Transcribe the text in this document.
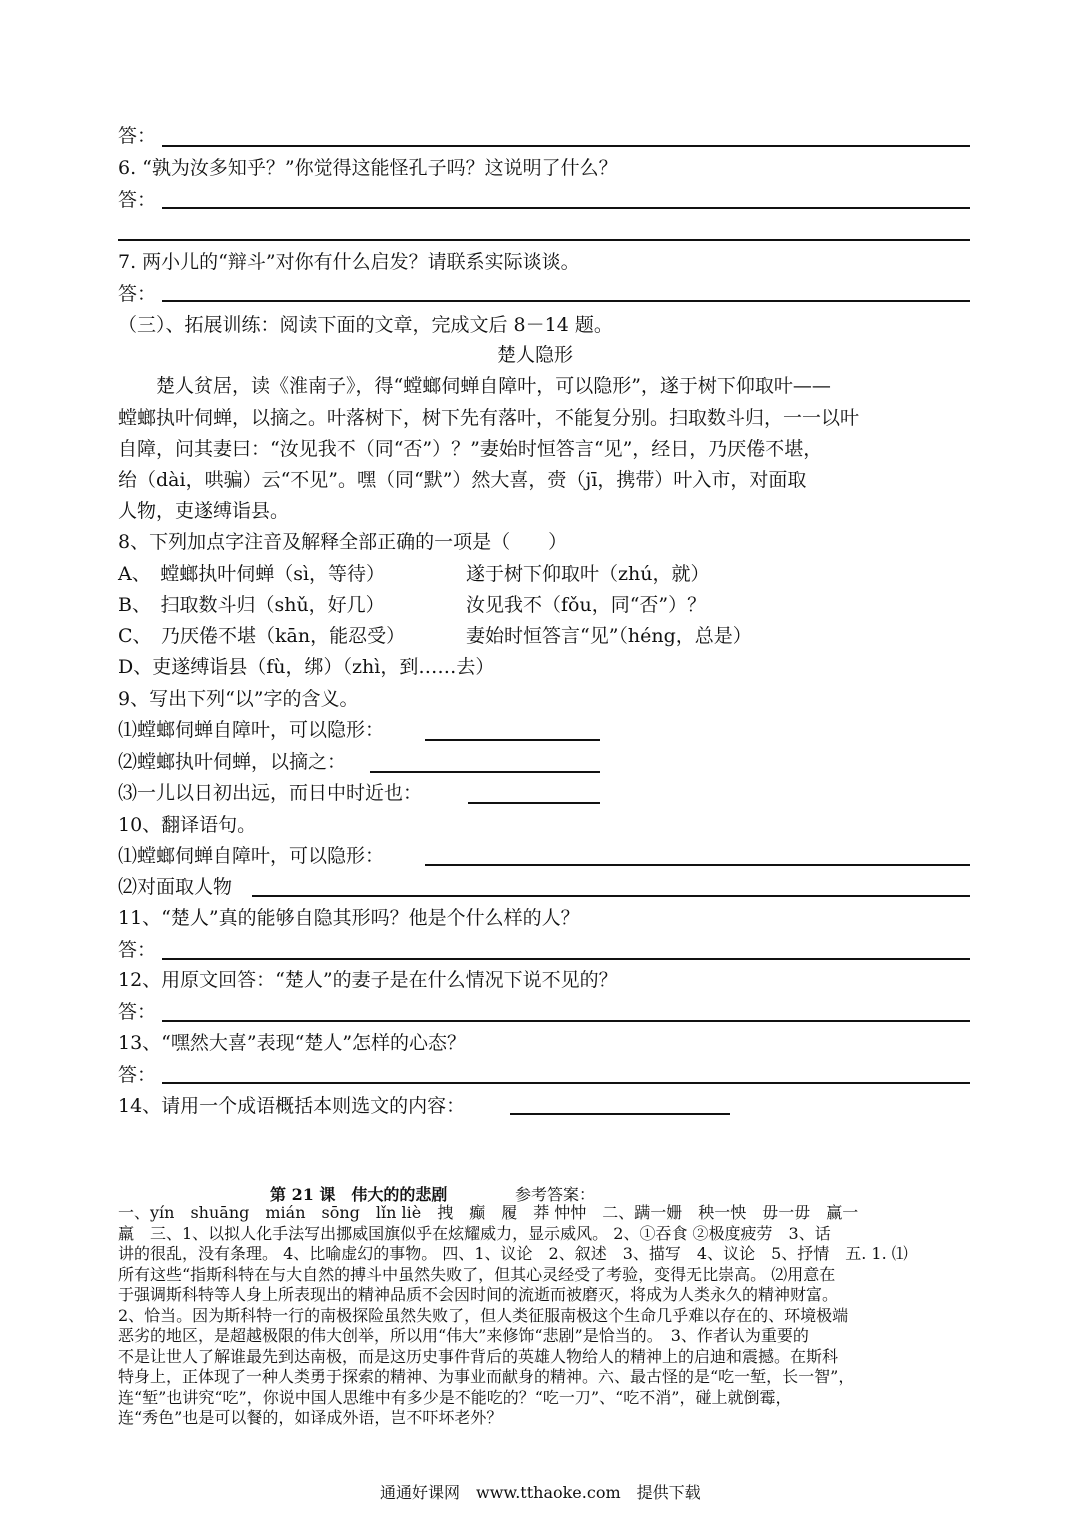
答：
6. “孰为汝多知乎？”你觉得这能怪孔子吗？这说明了什么？
答：
7. 两小儿的“辩斗”对你有什么启发？请联系实际谈谈。
答：
（三）、拓展训练：阅读下面的文章，完成文后 8－14 题。
楚人隐形
　　楚人贫居，读《淮南子》，得“螳螂伺蝉自障叶，可以隐形”，遂于树下仰取叶——
螳螂执叶伺蝉，以摘之。叶落树下，树下先有落叶，不能复分别。扫取数斗归，一一以叶
自障，问其妻曰：“汝见我不（同“否”）？”妻始时恒答言“见”，经日，乃厌倦不堪，
绐（dài，哄骗）云“不见”。嘿（同“默”）然大喜，赍（jī，携带）叶入市，对面取
人物，吏遂缚诣县。
8、下列加点字注音及解释全部正确的一项是（　　）
A、　螳螂执叶伺蝉（sì，等待）	遂于树下仰取叶（zhú，就）
B、　扫取数斗归（shǔ，好几）	汝见我不（fǒu，同“否”）？
C、　乃厌倦不堪（kān，能忍受）	妻始时恒答言“见”（héng，总是）
D、吏遂缚诣县（fù，绑）（zhì，到……去）
9、写出下列“以”字的含义。
⑴螳螂伺蝉自障叶，可以隐形：
⑵螳螂执叶伺蝉，以摘之：
⑶一儿以日初出远，而日中时近也：
10、翻译语句。
⑴螳螂伺蝉自障叶，可以隐形：
⑵对面取人物
11、“楚人”真的能够自隐其形吗？他是个什么样的人？
答：
12、用原文回答：“楚人”的妻子是在什么情况下说不见的？
答：
13、“嘿然大喜”表现“楚人”怎样的心态？
答：
14、请用一个成语概括本则选文的内容：
第 21 课　伟大的的悲剧	参考答案：

一、yín　shuāng　mián　sōng　lǐn liè　拽　癫　履　莽 忡忡　二、蹒一姗　秧一怏　毋一毋　赢一

羸　三、1、以拟人化手法写出挪威国旗似乎在炫耀威力，显示威风。 2、①吞食 ②极度疲劳　3、话

讲的很乱，没有条理。 4、比喻虚幻的事物。 四、1、议论　2、叙述　3、描写　4、议论　5、抒情　五. 1. ⑴

所有这些“指斯科特在与大自然的搏斗中虽然失败了，但其心灵经受了考验，变得无比崇高。 ⑵用意在

于强调斯科特等人身上所表现出的精神品质不会因时间的流逝而被磨灭，将成为人类永久的精神财富。

2、恰当。因为斯科特一行的南极探险虽然失败了，但人类征服南极这个生命几乎难以存在的、环境极端

恶劣的地区，是超越极限的伟大创举，所以用“伟大”来修饰“悲剧”是恰当的。　3、作者认为重要的

不是让世人了解谁最先到达南极，而是这历史事件背后的英雄人物给人的精神上的启迪和震撼。在斯科

特身上，正体现了一种人类勇于探索的精神、为事业而献身的精神。六、最古怪的是“吃一堑，长一智”，

连“堑”也讲究“吃”，你说中国人思维中有多少是不能吃的？“吃一刀”、“吃不消”，碰上就倒霉，

连“秀色”也是可以餐的，如译成外语，岂不吓坏老外？

通通好课网　www.tthaoke.com　提供下载
